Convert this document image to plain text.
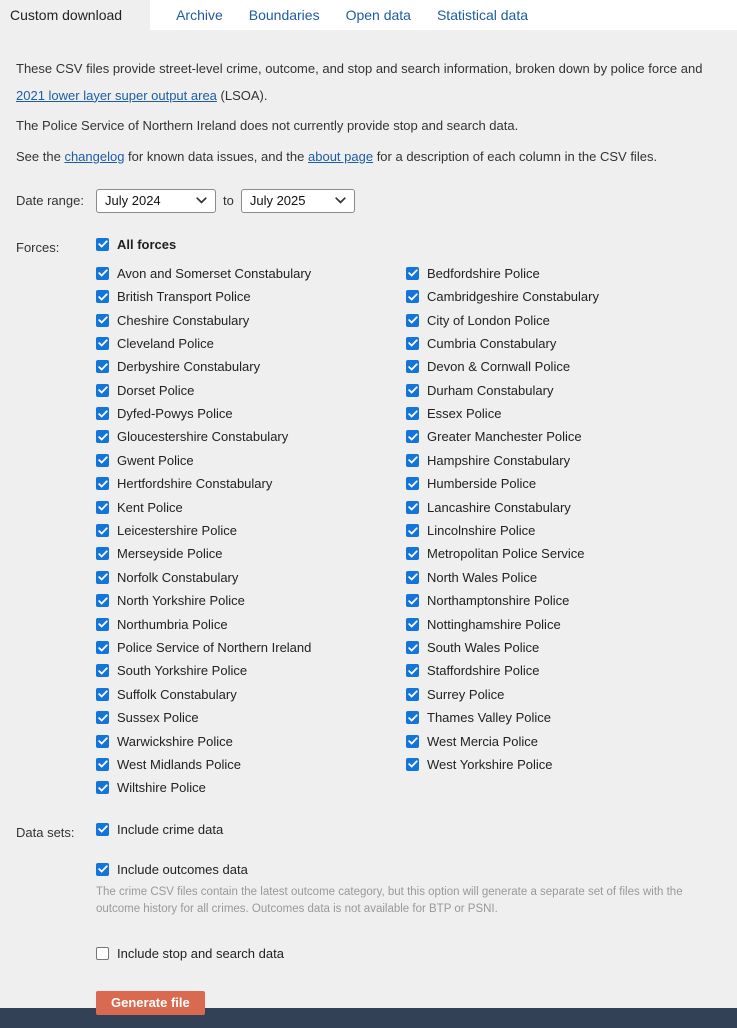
Custom download	Archive Boundaries Open data Statistical data

These CSV files provide street-level crime, outcome, and stop and search information, broken down by police force and 2021 lower layer super output area (LSOA).

The Police Service of Northern Ireland does not currently provide stop and search data.

See the changelog for known data issues, and the about page for a description of each column in the CSV files.

Date range:	July 2024	to July 2025
Forces:	All forces
Avon and Somerset Constabulary	Bedfordshire Police
British Transport Police	Cambridgeshire Constabulary
Cheshire Constabulary	City of London Police
Cleveland Police	Cumbria Constabulary
Derbyshire Constabulary	Devon & Cornwall Police
Dorset Police	Durham Constabulary
Dyfed-Powys Police	Essex Police
Gloucestershire Constabulary	Greater Manchester Police
Gwent Police	Hampshire Constabulary
Hertfordshire Constabulary	Humberside Police
Kent Police	Lancashire Constabulary
Leicestershire Police	Lincolnshire Police
Merseyside Police	Metropolitan Police Service
Norfolk Constabulary	North Wales Police
North Yorkshire Police	Northamptonshire Police
Northumbria Police	Nottinghamshire Police
Police Service of Northern Ireland	South Wales Police
South Yorkshire Police	Staffordshire Police
Suffolk Constabulary	Surrey Police
Sussex Police	Thames Valley Police
Warwickshire Police	West Mercia Police
West Midlands Police	West Yorkshire Police
Wiltshire Police
Data sets:	Include crime data
Include outcomes data

The crime CSV files contain the latest outcome category, but this option will generate a separate set of files with the outcome history for all crimes. Outcomes data is not available for BTP or PSNI.

Include stop and search data
Generate file
